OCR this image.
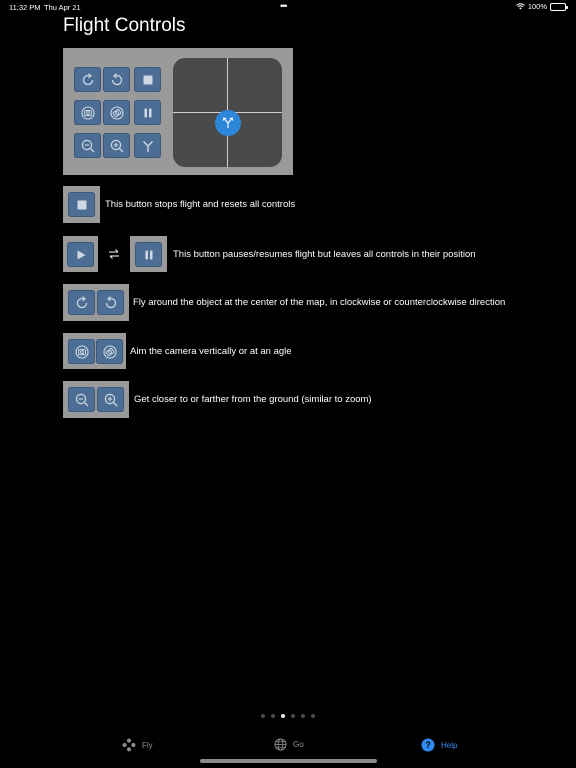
11:32 PM Thu Apr 21	•••	100%
Flight Controls
This button stops flight and resets all controls
This button pauses/resumes flight but leaves all controls in their position
Fly around the object at the center of the map, in clockwise or counterclockwise direction
Aim the camera vertically or at an agle
Get closer to or farther from the ground (similar to zoom)
Fly	Go	? Help
